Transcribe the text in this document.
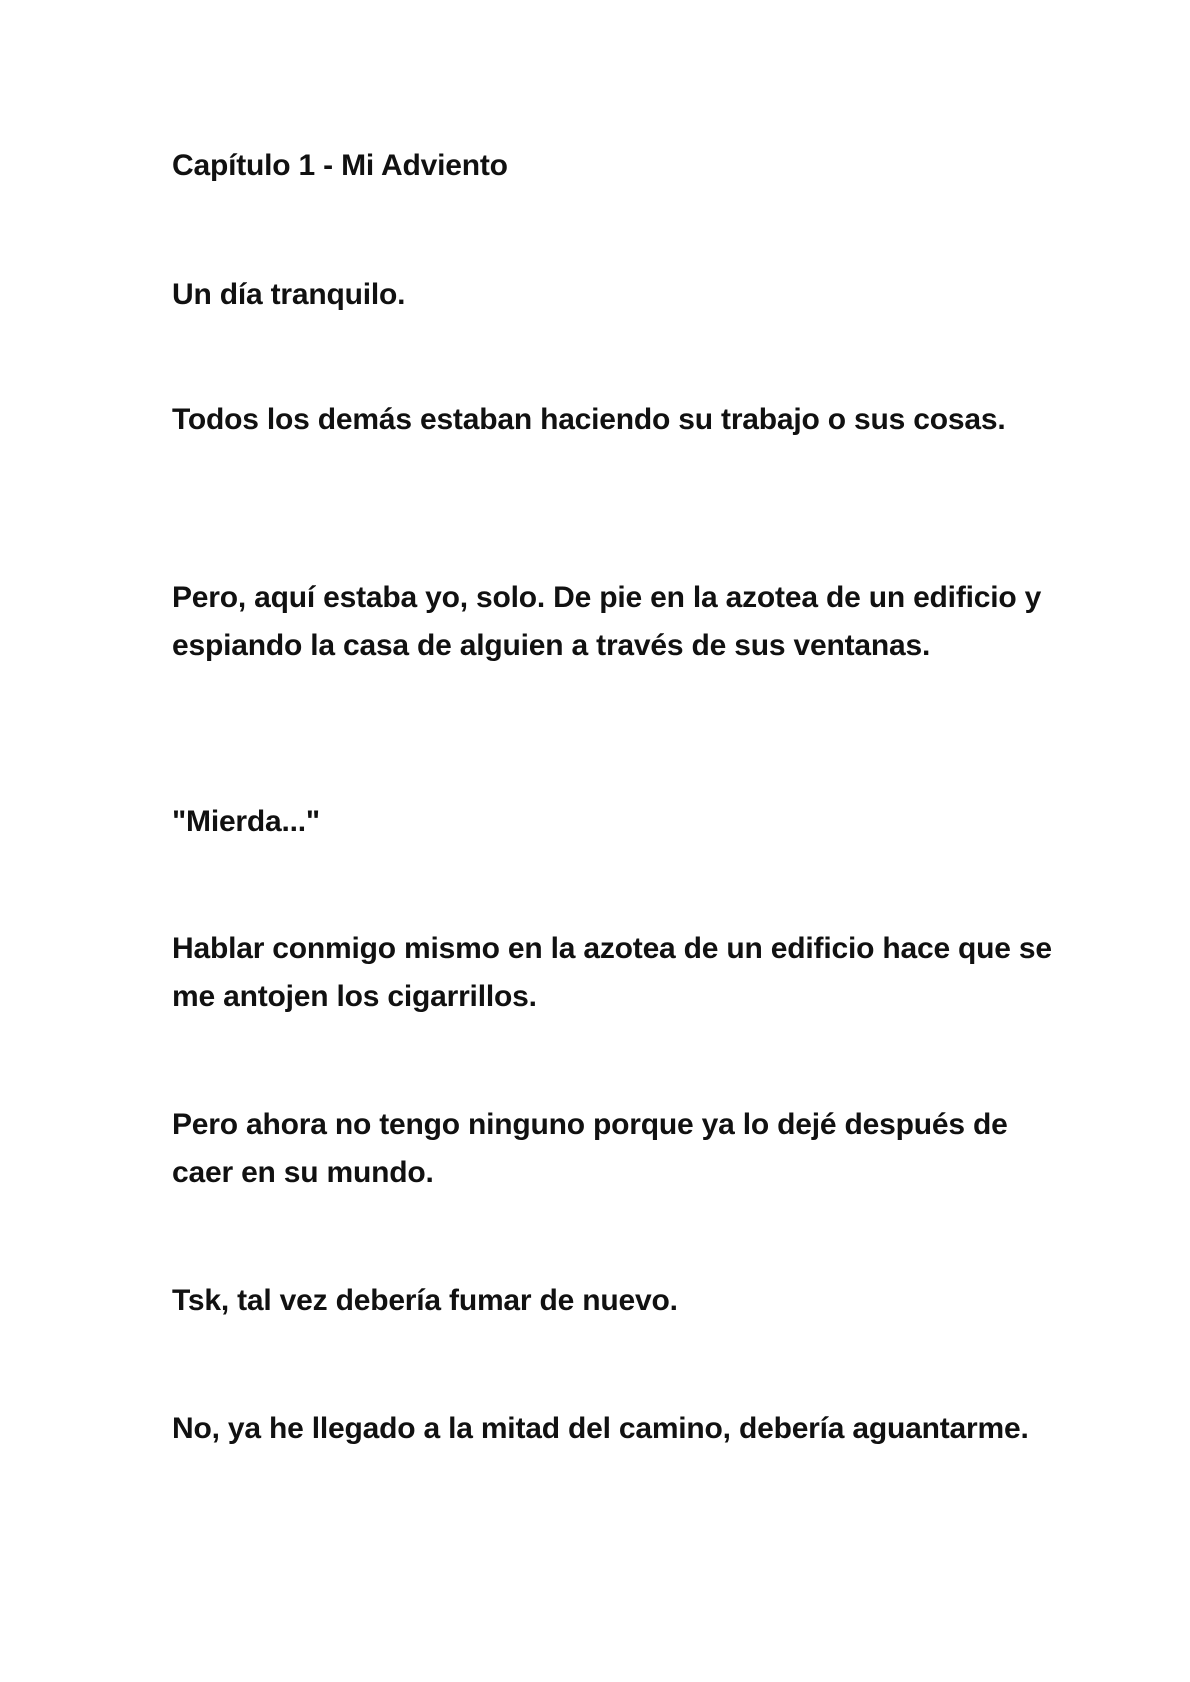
Capítulo 1 - Mi Adviento

Un día tranquilo.

Todos los demás estaban haciendo su trabajo o sus cosas.

Pero, aquí estaba yo, solo. De pie en la azotea de un edificio y espiando la casa de alguien a través de sus ventanas.

"Mierda..."

Hablar conmigo mismo en la azotea de un edificio hace que se me antojen los cigarrillos.

Pero ahora no tengo ninguno porque ya lo dejé después de caer en su mundo.

Tsk, tal vez debería fumar de nuevo.

No, ya he llegado a la mitad del camino, debería aguantarme.
